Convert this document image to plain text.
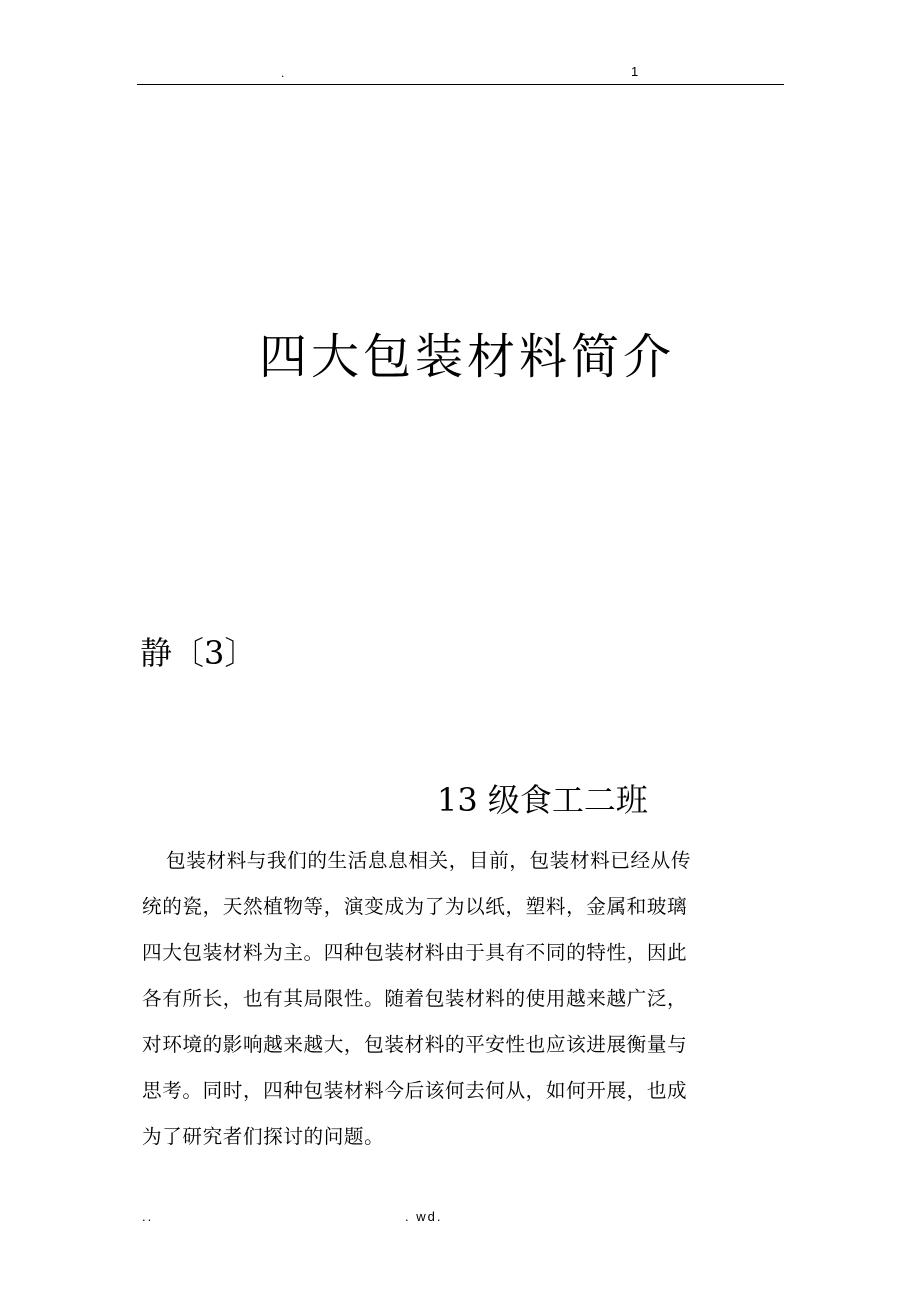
.	1
四大包装材料简介
静〔3〕
13 级食工二班
包装材料与我们的生活息息相关，目前，包装材料已经从传
统的瓷，天然植物等，演变成为了为以纸，塑料，金属和玻璃
四大包装材料为主。四种包装材料由于具有不同的特性，因此
各有所长，也有其局限性。随着包装材料的使用越来越广泛，
对环境的影响越来越大，包装材料的平安性也应该进展衡量与
思考。同时，四种包装材料今后该何去何从，如何开展，也成
为了研究者们探讨的问题。
..	. wd.
